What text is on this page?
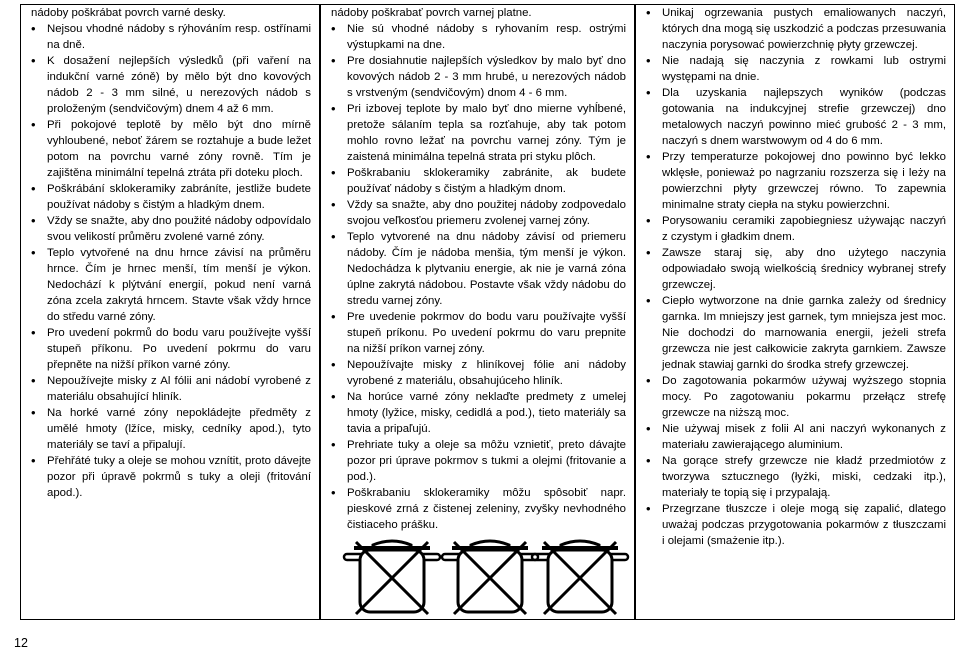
nádoby poškrábat povrch varné desky.

• Nejsou vhodné nádoby s rýhováním resp. ostřínami na dně.
• K dosažení nejlepších výsledků (při vaření na indukční varné zóně) by mělo být dno kovových nádob 2 - 3 mm silné, u nerezových nádob s proloženým (sendvičovým) dnem 4 až 6 mm.
• Při pokojové teplotě by mělo být dno mírně vyhloubené, neboť žárem se roztahuje a bude ležet potom na povrchu varné zóny rovně. Tím je zajištěna minimální tepelná ztráta při doteku ploch.
• Poškrábání sklokeramiky zabráníte, jestliže budete používat nádoby s čistým a hladkým dnem.
• Vždy se snažte, aby dno použité nádoby odpovídalo svou velikostí průměru zvolené varné zóny.
• Teplo vytvořené na dnu hrnce závisí na průměru hrnce. Čím je hrnec menší, tím menší je výkon. Nedochází k plýtvání energií, pokud není varná zóna zcela zakrytá hrncem. Stavte však vždy hrnce do středu varné zóny.
• Pro uvedení pokrmů do bodu varu používejte vyšší stupeň příkonu. Po uvedení pokrmu do varu přepněte na nižší příkon varné zóny.
• Nepoužívejte misky z Al fólii ani nádobí vyrobené z materiálu obsahující hliník.
• Na horké varné zóny nepokládejte předměty z umělé hmoty (lžíce, misky, cedníky apod.), tyto materiály se taví a připalují.
• Přehřáté tuky a oleje se mohou vznítit, proto dávejte pozor při úpravě pokrmů s tuky a oleji (fritování apod.).

nádoby poškrabať povrch varnej platne.

• Nie sú vhodné nádoby s ryhovaním resp. ostrými výstupkami na dne.
• Pre dosiahnutie najlepších výsledkov by malo byť dno kovových nádob 2 - 3 mm hrubé, u nerezových nádob s vrstveným (sendvičovým) dnom 4 - 6 mm.
• Pri izbovej teplote by malo byť dno mierne vyhĺbené, pretože sálaním tepla sa rozťahuje, aby tak potom mohlo rovno ležať na povrchu varnej zóny. Tým je zaistená minimálna tepelná strata pri styku plôch.
• Poškrabaniu sklokeramiky zabránite, ak budete používať nádoby s čistým a hladkým dnom.
• Vždy sa snažte, aby dno použitej nádoby zodpovedalo svojou veľkosťou priemeru zvolenej varnej zóny.
• Teplo vytvorené na dnu nádoby závisí od priemeru nádoby. Čím je nádoba menšia, tým menší je výkon. Nedochádza k plytvaniu energie, ak nie je varná zóna úplne zakrytá nádobou. Postavte však vždy nádobu do stredu varnej zóny.
• Pre uvedenie pokrmov do bodu varu používajte vyšší stupeň príkonu. Po uvedení pokrmu do varu prepnite na nižší príkon varnej zóny.
• Nepoužívajte misky z hliníkovej fólie ani nádoby vyrobené z materiálu, obsahujúceho hliník.
• Na horúce varné zóny neklaďte predmety z umelej hmoty (lyžice, misky, cedidlá a pod.), tieto materiály sa tavia a pripaľujú.
• Prehriate tuky a oleje sa môžu vznietiť, preto dávajte pozor pri úprave pokrmov s tukmi a olejmi (fritovanie a pod.).
• Poškrabaniu sklokeramiky môžu spôsobiť napr. pieskové zrná z čistenej zeleniny, zvyšky nevhodného čistiaceho prášku.
• Unikaj ogrzewania pustych emaliowanych naczyń, których dna mogą się uszkodzić a podczas przesuwania naczynia porysować powierzchnię płyty grzewczej.
• Nie nadają się naczynia z rowkami lub ostrymi występami na dnie.
• Dla uzyskania najlepszych wyników (podczas gotowania na indukcyjnej strefie grzewczej) dno metalowych naczyń powinno mieć grubość 2 - 3 mm, naczyń s dnem warstwowym od 4 do 6 mm.
• Przy temperaturze pokojowej dno powinno być lekko wklęsłe, ponieważ po nagrzaniu rozszerza się i leży na powierzchni płyty grzewczej równo. To zapewnia minimalne straty ciepła na styku powierzchni.
• Porysowaniu ceramiki zapobiegniesz używając naczyń z czystym i gładkim dnem.
• Zawsze staraj się, aby dno użytego naczynia odpowiadało swoją wielkością średnicy wybranej strefy grzewczej.
• Ciepło wytworzone na dnie garnka zależy od średnicy garnka. Im mniejszy jest garnek, tym mniejsza jest moc. Nie dochodzi do marnowania energii, jeżeli strefa grzewcza nie jest całkowicie zakryta garnkiem. Zawsze jednak stawiaj garnki do środka strefy grzewczej.
• Do zagotowania pokarmów używaj wyższego stopnia mocy. Po zagotowaniu pokarmu przełącz strefę grzewcze na niższą moc.
• Nie używaj misek z folii Al ani naczyń wykonanych z materiału zawierającego aluminium.
• Na gorące strefy grzewcze nie kładź przedmiotów z tworzywa sztucznego (łyżki, miski, cedzaki itp.), materiały te topią się i przypalają.
• Przegrzane tłuszcze i oleje mogą się zapalić, dlatego uważaj podczas przygotowania pokarmów z tłuszczami i olejami (smażenie itp.).
12
